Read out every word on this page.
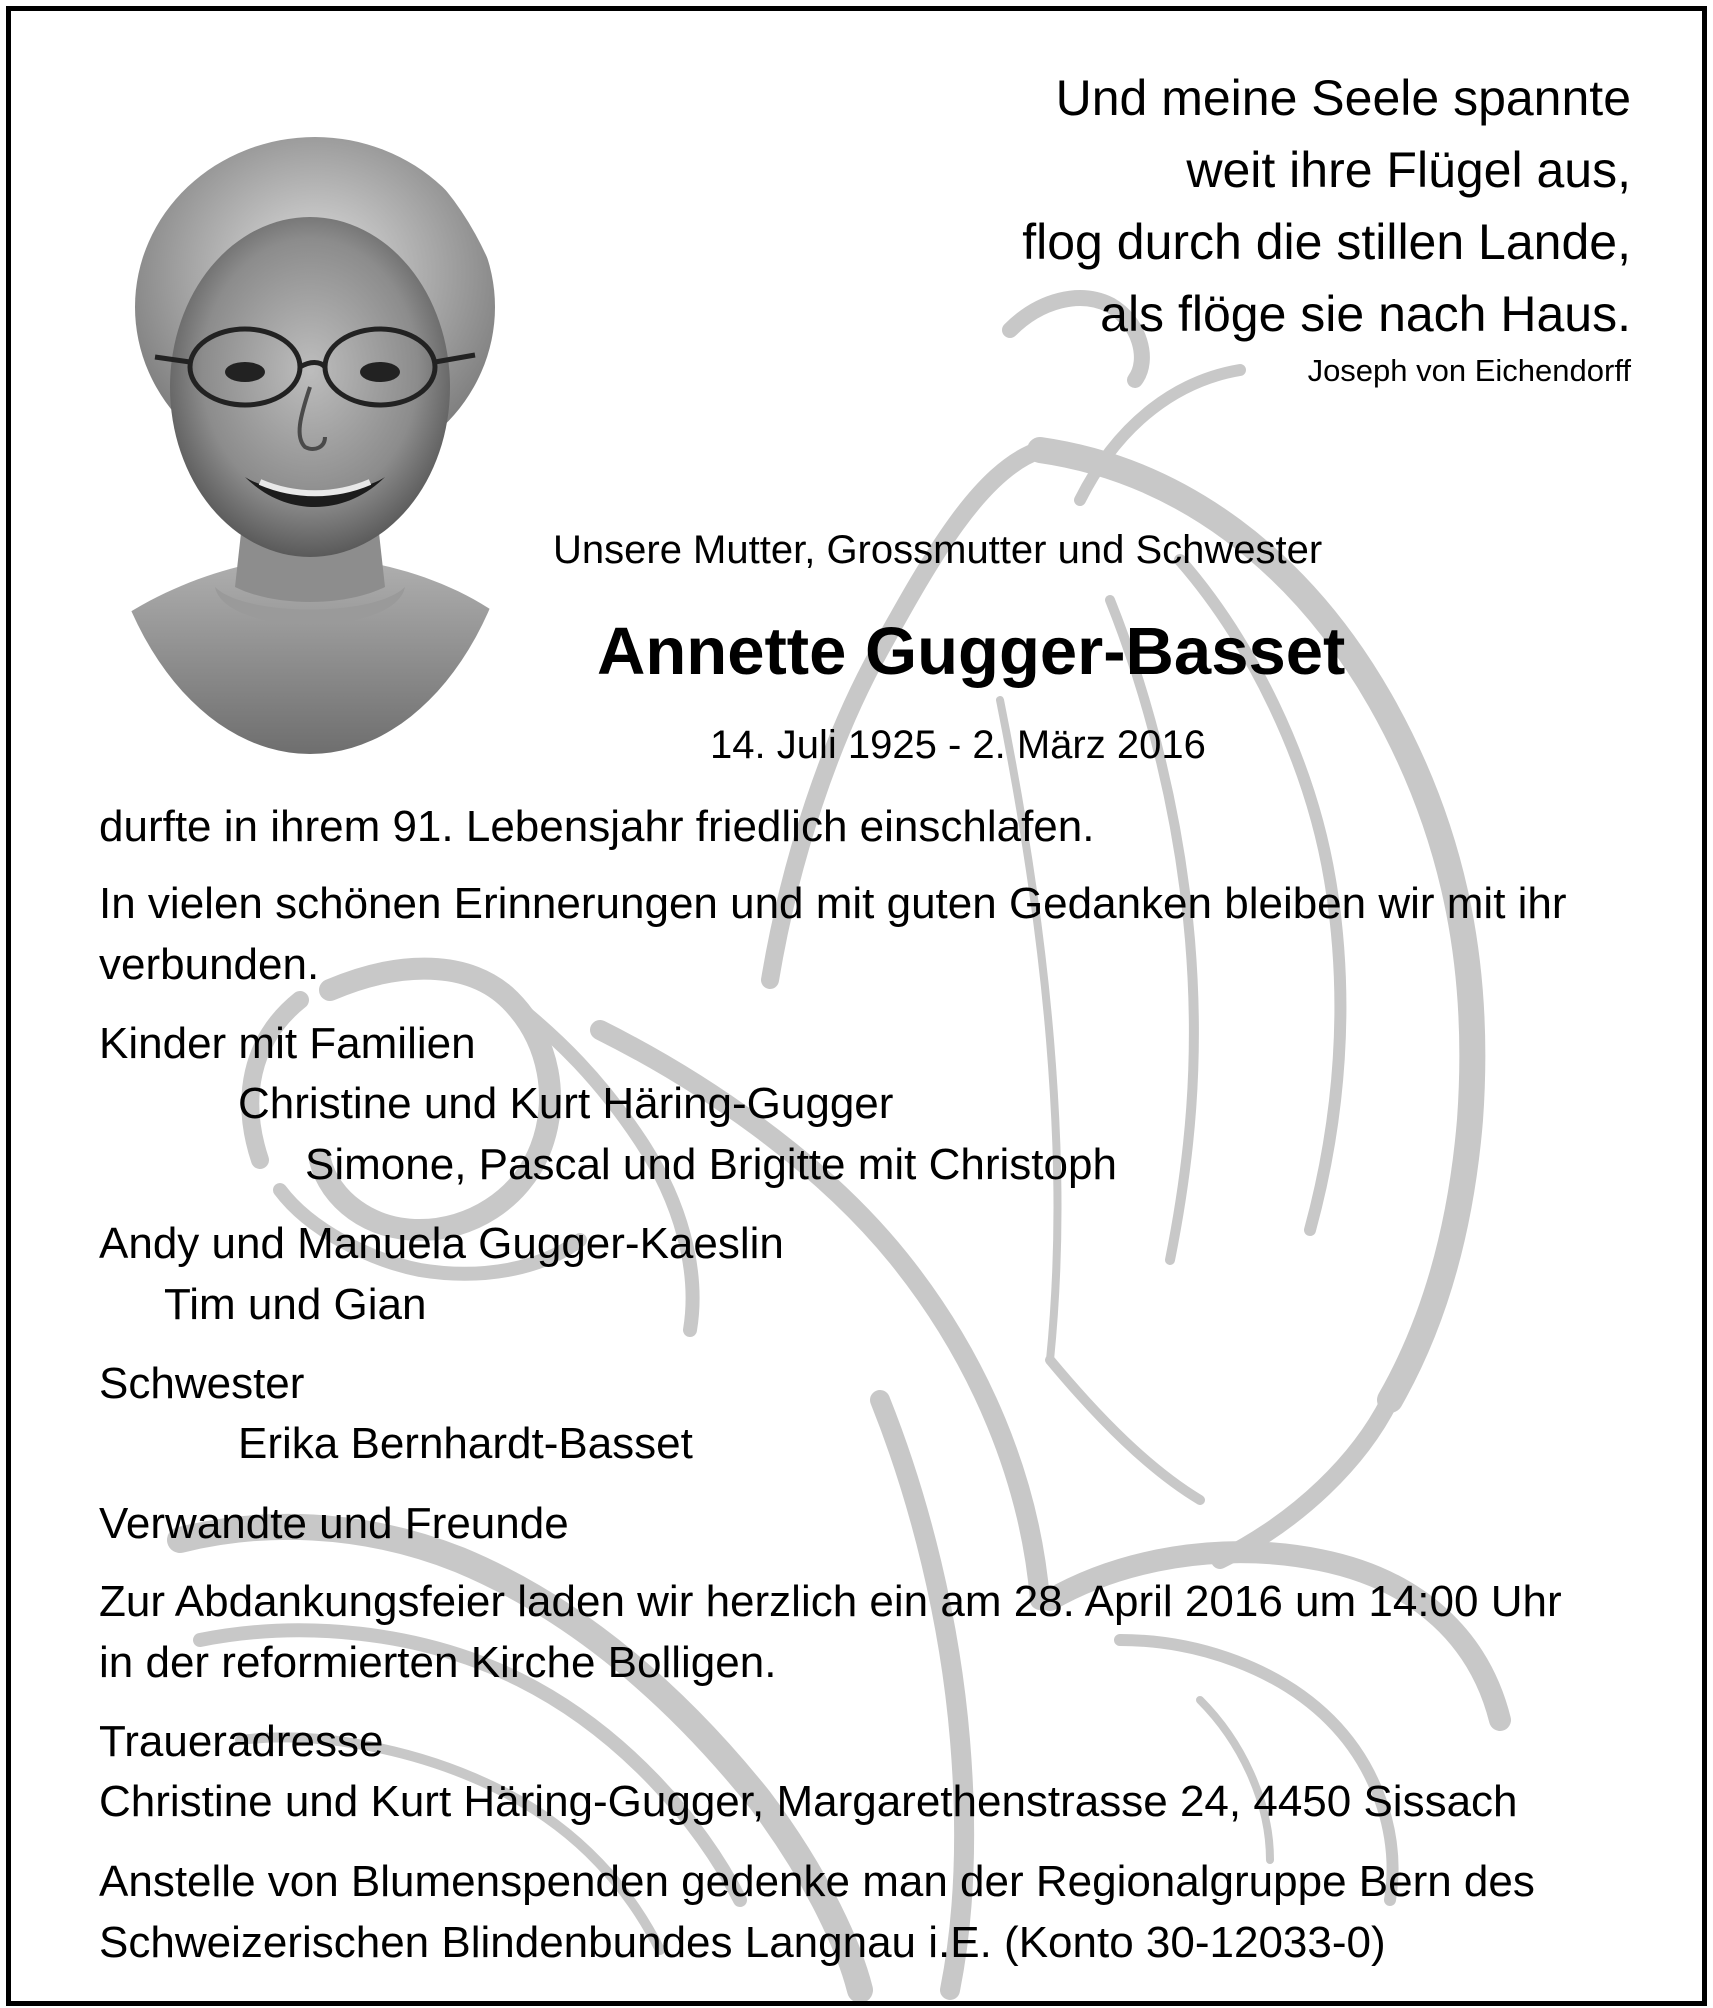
Und meine Seele spannte
weit ihre Flügel aus,
flog durch die stillen Lande,
als flöge sie nach Haus.
Joseph von Eichendorff
Unsere Mutter, Grossmutter und Schwester
Annette Gugger-Basset
14. Juli 1925 - 2. März 2016
durfte in ihrem 91. Lebensjahr friedlich einschlafen.
In vielen schönen Erinnerungen und mit guten Gedanken bleiben wir mit ihr
verbunden.
Kinder mit Familien
Christine und Kurt Häring-Gugger
Simone, Pascal und Brigitte mit Christoph
Andy und Manuela Gugger-Kaeslin
Tim und Gian
Schwester
Erika Bernhardt-Basset
Verwandte und Freunde
Zur Abdankungsfeier laden wir herzlich ein am 28. April 2016 um 14:00 Uhr
in der reformierten Kirche Bolligen.
Traueradresse
Christine und Kurt Häring-Gugger, Margarethenstrasse 24, 4450 Sissach
Anstelle von Blumenspenden gedenke man der Regionalgruppe Bern des
Schweizerischen Blindenbundes Langnau i.E. (Konto 30-12033-0)
